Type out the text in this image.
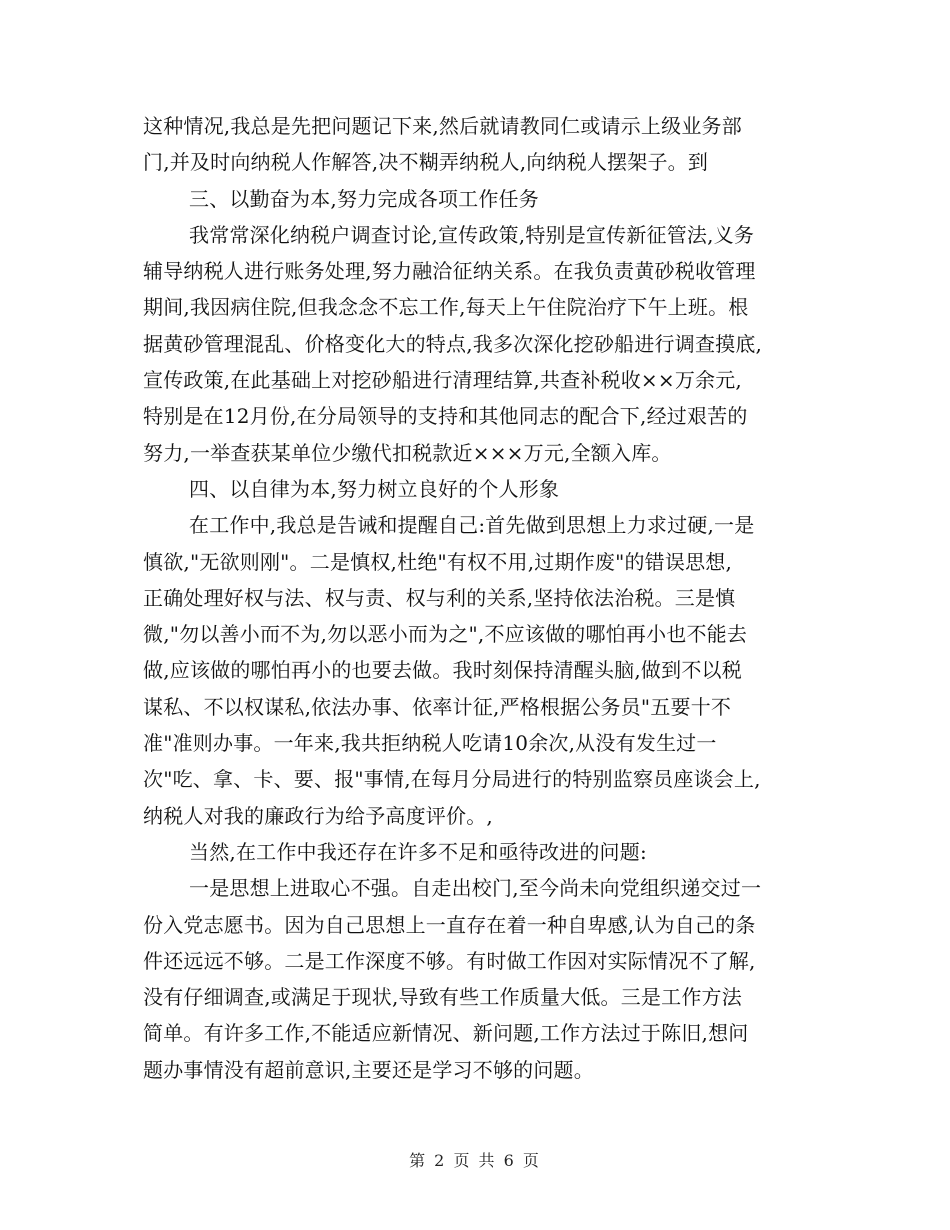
这种情况,我总是先把问题记下来,然后就请教同仁或请示上级业务部
门,并及时向纳税人作解答,决不糊弄纳税人,向纳税人摆架子。到
三、以勤奋为本,努力完成各项工作任务
我常常深化纳税户调查讨论,宣传政策,特别是宣传新征管法,义务
辅导纳税人进行账务处理,努力融洽征纳关系。在我负责黄砂税收管理
期间,我因病住院,但我念念不忘工作,每天上午住院治疗下午上班。根
据黄砂管理混乱、价格变化大的特点,我多次深化挖砂船进行调查摸底,
宣传政策,在此基础上对挖砂船进行清理结算,共查补税收××万余元,
特别是在12月份,在分局领导的支持和其他同志的配合下,经过艰苦的
努力,一举查获某单位少缴代扣税款近×××万元,全额入库。
四、以自律为本,努力树立良好的个人形象
在工作中,我总是告诫和提醒自己:首先做到思想上力求过硬,一是
慎欲,"无欲则刚"。二是慎权,杜绝"有权不用,过期作废"的错误思想,
正确处理好权与法、权与责、权与利的关系,坚持依法治税。三是慎
微,"勿以善小而不为,勿以恶小而为之",不应该做的哪怕再小也不能去
做,应该做的哪怕再小的也要去做。我时刻保持清醒头脑,做到不以税
谋私、不以权谋私,依法办事、依率计征,严格根据公务员"五要十不
准"准则办事。一年来,我共拒纳税人吃请10余次,从没有发生过一
次"吃、拿、卡、要、报"事情,在每月分局进行的特别监察员座谈会上,
纳税人对我的廉政行为给予高度评价。,
当然,在工作中我还存在许多不足和亟待改进的问题:
一是思想上进取心不强。自走出校门,至今尚未向党组织递交过一
份入党志愿书。因为自己思想上一直存在着一种自卑感,认为自己的条
件还远远不够。二是工作深度不够。有时做工作因对实际情况不了解,
没有仔细调查,或满足于现状,导致有些工作质量大低。三是工作方法
简单。有许多工作,不能适应新情况、新问题,工作方法过于陈旧,想问
题办事情没有超前意识,主要还是学习不够的问题。
第 2 页 共 6 页
